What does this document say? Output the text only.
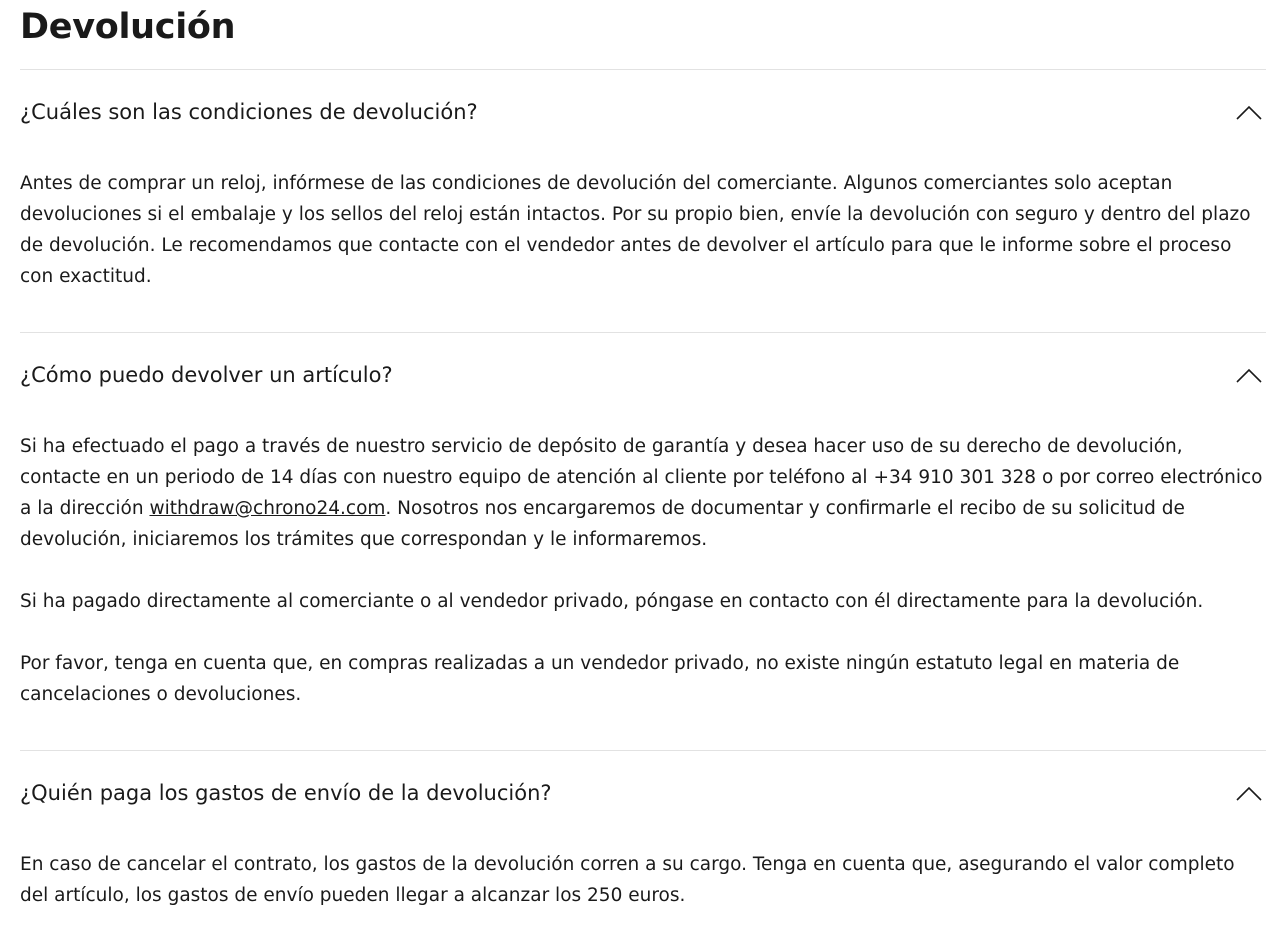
Devolución
¿Cuáles son las condiciones de devolución?

Antes de comprar un reloj, infórmese de las condiciones de devolución del comerciante. Algunos comerciantes solo aceptan devoluciones si el embalaje y los sellos del reloj están intactos. Por su propio bien, envíe la devolución con seguro y dentro del plazo de devolución. Le recomendamos que contacte con el vendedor antes de devolver el artículo para que le informe sobre el proceso con exactitud.

¿Cómo puedo devolver un artículo?

Si ha efectuado el pago a través de nuestro servicio de depósito de garantía y desea hacer uso de su derecho de devolución, contacte en un periodo de 14 días con nuestro equipo de atención al cliente por teléfono al +34 910 301 328 o por correo electrónico a la dirección withdraw@chrono24.com. Nosotros nos encargaremos de documentar y confirmarle el recibo de su solicitud de devolución, iniciaremos los trámites que correspondan y le informaremos.

Si ha pagado directamente al comerciante o al vendedor privado, póngase en contacto con él directamente para la devolución.

Por favor, tenga en cuenta que, en compras realizadas a un vendedor privado, no existe ningún estatuto legal en materia de cancelaciones o devoluciones.

¿Quién paga los gastos de envío de la devolución?

En caso de cancelar el contrato, los gastos de la devolución corren a su cargo. Tenga en cuenta que, asegurando el valor completo del artículo, los gastos de envío pueden llegar a alcanzar los 250 euros.
